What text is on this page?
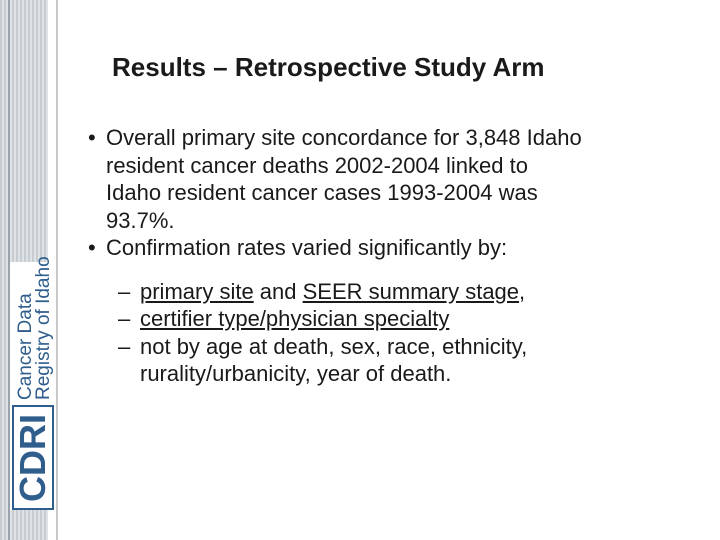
Cancer Data
Registry of Idaho
CDRI
Results – Retrospective Study Arm
• Overall primary site concordance for 3,848 Idaho
resident cancer deaths 2002-2004 linked to
Idaho resident cancer cases 1993-2004 was
93.7%.
• Confirmation rates varied significantly by:
– primary site and SEER summary stage,
– certifier type/physician specialty
– not by age at death, sex, race, ethnicity,
rurality/urbanicity, year of death.
